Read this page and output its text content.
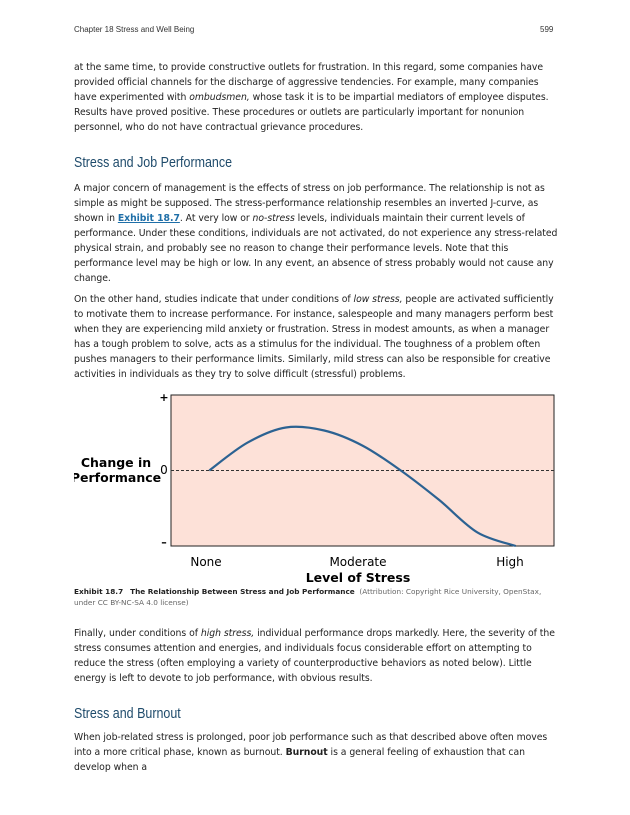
Chapter 18 Stress and Well Being	599

at the same time, to provide constructive outlets for frustration. In this regard, some companies have provided official channels for the discharge of aggressive tendencies. For example, many companies have experimented with ombudsmen, whose task it is to be impartial mediators of employee disputes. Results have proved positive. These procedures or outlets are particularly important for nonunion personnel, who do not have contractual grievance procedures.

Stress and Job Performance

A major concern of management is the effects of stress on job performance. The relationship is not as simple as might be supposed. The stress-performance relationship resembles an inverted J-curve, as shown in Exhibit 18.7. At very low or no-stress levels, individuals maintain their current levels of performance. Under these conditions, individuals are not activated, do not experience any stress-related physical strain, and probably see no reason to change their performance levels. Note that this performance level may be high or low. In any event, an absence of stress probably would not cause any change.

On the other hand, studies indicate that under conditions of low stress, people are activated sufficiently to motivate them to increase performance. For instance, salespeople and many managers perform best when they are experiencing mild anxiety or frustration. Stress in modest amounts, as when a manager has a tough problem to solve, acts as a stimulus for the individual. The toughness of a problem often pushes managers to their performance limits. Similarly, mild stress can also be responsible for creative activities in individuals as they try to solve difficult (stressful) problems.

+
0
–
Change in
Performance
None	Moderate	High
Level of Stress
Exhibit 18.7 The Relationship Between Stress and Job Performance (Attribution: Copyright Rice University, OpenStax, under CC BY-NC-SA 4.0 license)

Finally, under conditions of high stress, individual performance drops markedly. Here, the severity of the stress consumes attention and energies, and individuals focus considerable effort on attempting to reduce the stress (often employing a variety of counterproductive behaviors as noted below). Little energy is left to devote to job performance, with obvious results.

Stress and Burnout

When job-related stress is prolonged, poor job performance such as that described above often moves into a more critical phase, known as burnout. Burnout is a general feeling of exhaustion that can develop when a
